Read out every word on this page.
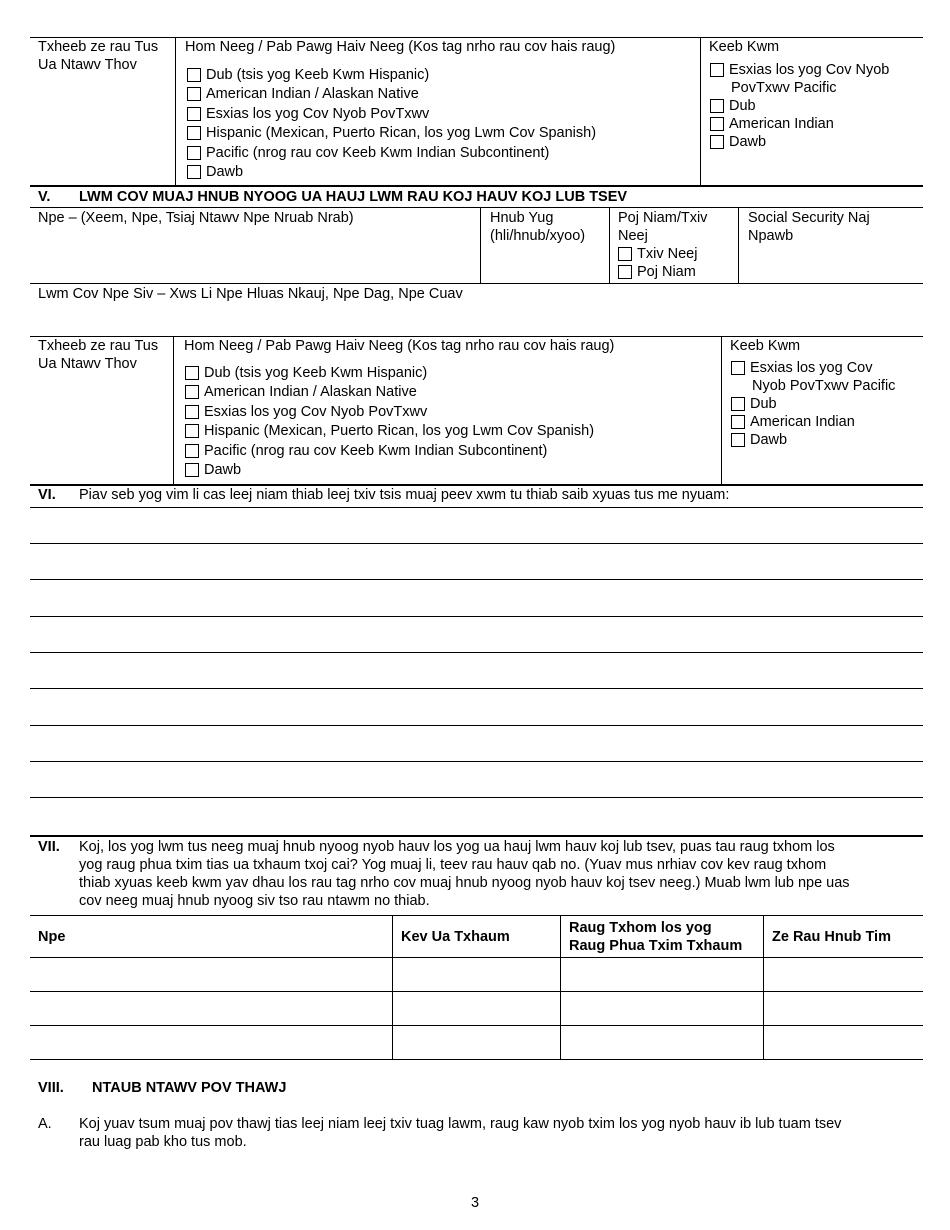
Txheeb ze rau Tus
Ua Ntawv Thov
Hom Neeg / Pab Pawg Haiv Neeg (Kos tag nrho rau cov hais raug)
Dub (tsis yog Keeb Kwm Hispanic)
American Indian / Alaskan Native
Esxias los yog Cov Nyob PovTxwv
Hispanic (Mexican, Puerto Rican, los yog Lwm Cov Spanish)
Pacific (nrog rau cov Keeb Kwm Indian Subcontinent)
Dawb
Keeb Kwm
Esxias los yog Cov Nyob
PovTxwv Pacific
Dub
American Indian
Dawb
V. LWM COV MUAJ HNUB NYOOG UA HAUJ LWM RAU KOJ HAUV KOJ LUB TSEV
Npe – (Xeem, Npe, Tsiaj Ntawv Npe Nruab Nrab)	Hnub Yug
(hli/hnub/xyoo)
Poj Niam/Txiv
Neej
Txiv Neej
Poj Niam
Social Security Naj
Npawb
Lwm Cov Npe Siv – Xws Li Npe Hluas Nkauj, Npe Dag, Npe Cuav
Txheeb ze rau Tus
Ua Ntawv Thov
Hom Neeg / Pab Pawg Haiv Neeg (Kos tag nrho rau cov hais raug)
Dub (tsis yog Keeb Kwm Hispanic)
American Indian / Alaskan Native
Esxias los yog Cov Nyob PovTxwv
Hispanic (Mexican, Puerto Rican, los yog Lwm Cov Spanish)
Pacific (nrog rau cov Keeb Kwm Indian Subcontinent)
Dawb
Keeb Kwm
Esxias los yog Cov
Nyob PovTxwv Pacific
Dub
American Indian
Dawb
VI. Piav seb yog vim li cas leej niam thiab leej txiv tsis muaj peev xwm tu thiab saib xyuas tus me nyuam:
VII. Koj, los yog lwm tus neeg muaj hnub nyoog nyob hauv los yog ua hauj lwm hauv koj lub tsev, puas tau raug txhom los
yog raug phua txim tias ua txhaum txoj cai? Yog muaj li, teev rau hauv qab no. (Yuav mus nrhiav cov kev raug txhom
thiab xyuas keeb kwm yav dhau los rau tag nrho cov muaj hnub nyoog nyob hauv koj tsev neeg.) Muab lwm lub npe uas
cov neeg muaj hnub nyoog siv tso rau ntawm no thiab.
Npe	Kev Ua Txhaum
Raug Txhom los yog
Raug Phua Txim Txhaum
Ze Rau Hnub Tim
VIII. NTAUB NTAWV POV THAWJ
A. Koj yuav tsum muaj pov thawj tias leej niam leej txiv tuag lawm, raug kaw nyob txim los yog nyob hauv ib lub tuam tsev
rau luag pab kho tus mob.
3
